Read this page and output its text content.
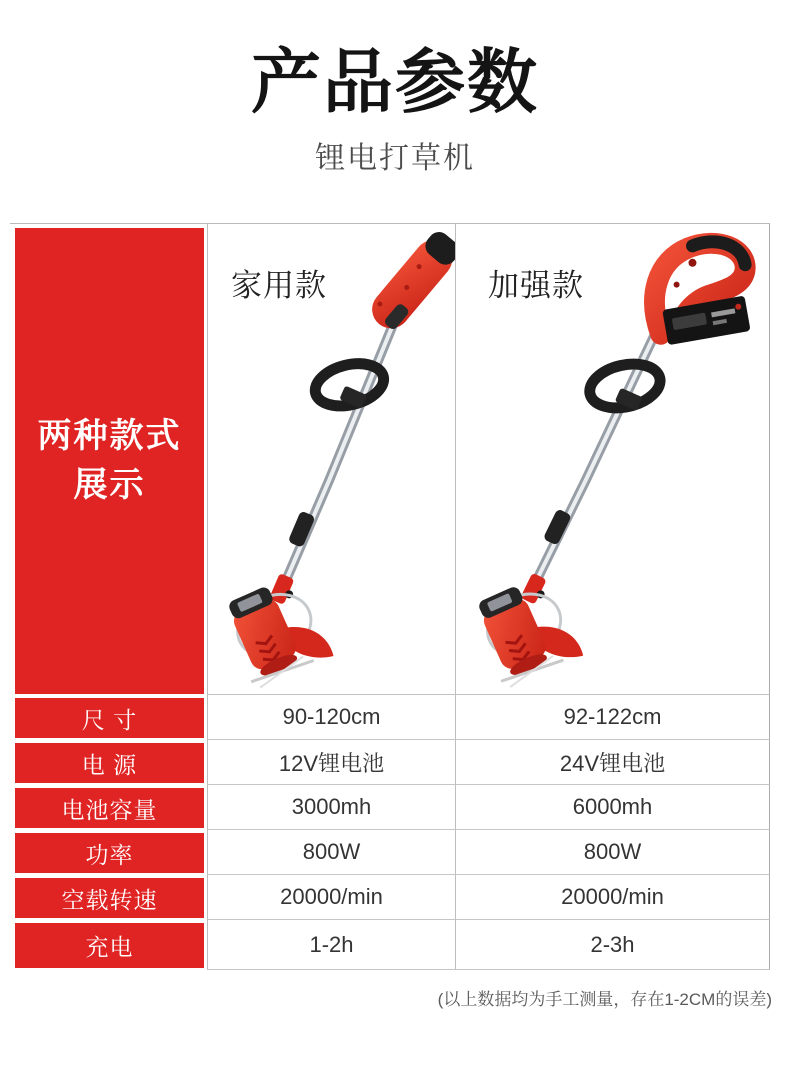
产品参数
锂电打草机
两种款式
展示
家用款	加强款
尺 寸	90-120cm	92-122cm
电 源	12V锂电池	24V锂电池
电池容量	3000mh	6000mh
功率	800W	800W
空载转速	20000/min	20000/min
充电	1-2h	2-3h
(以上数据均为手工测量，存在1-2CM的误差)
